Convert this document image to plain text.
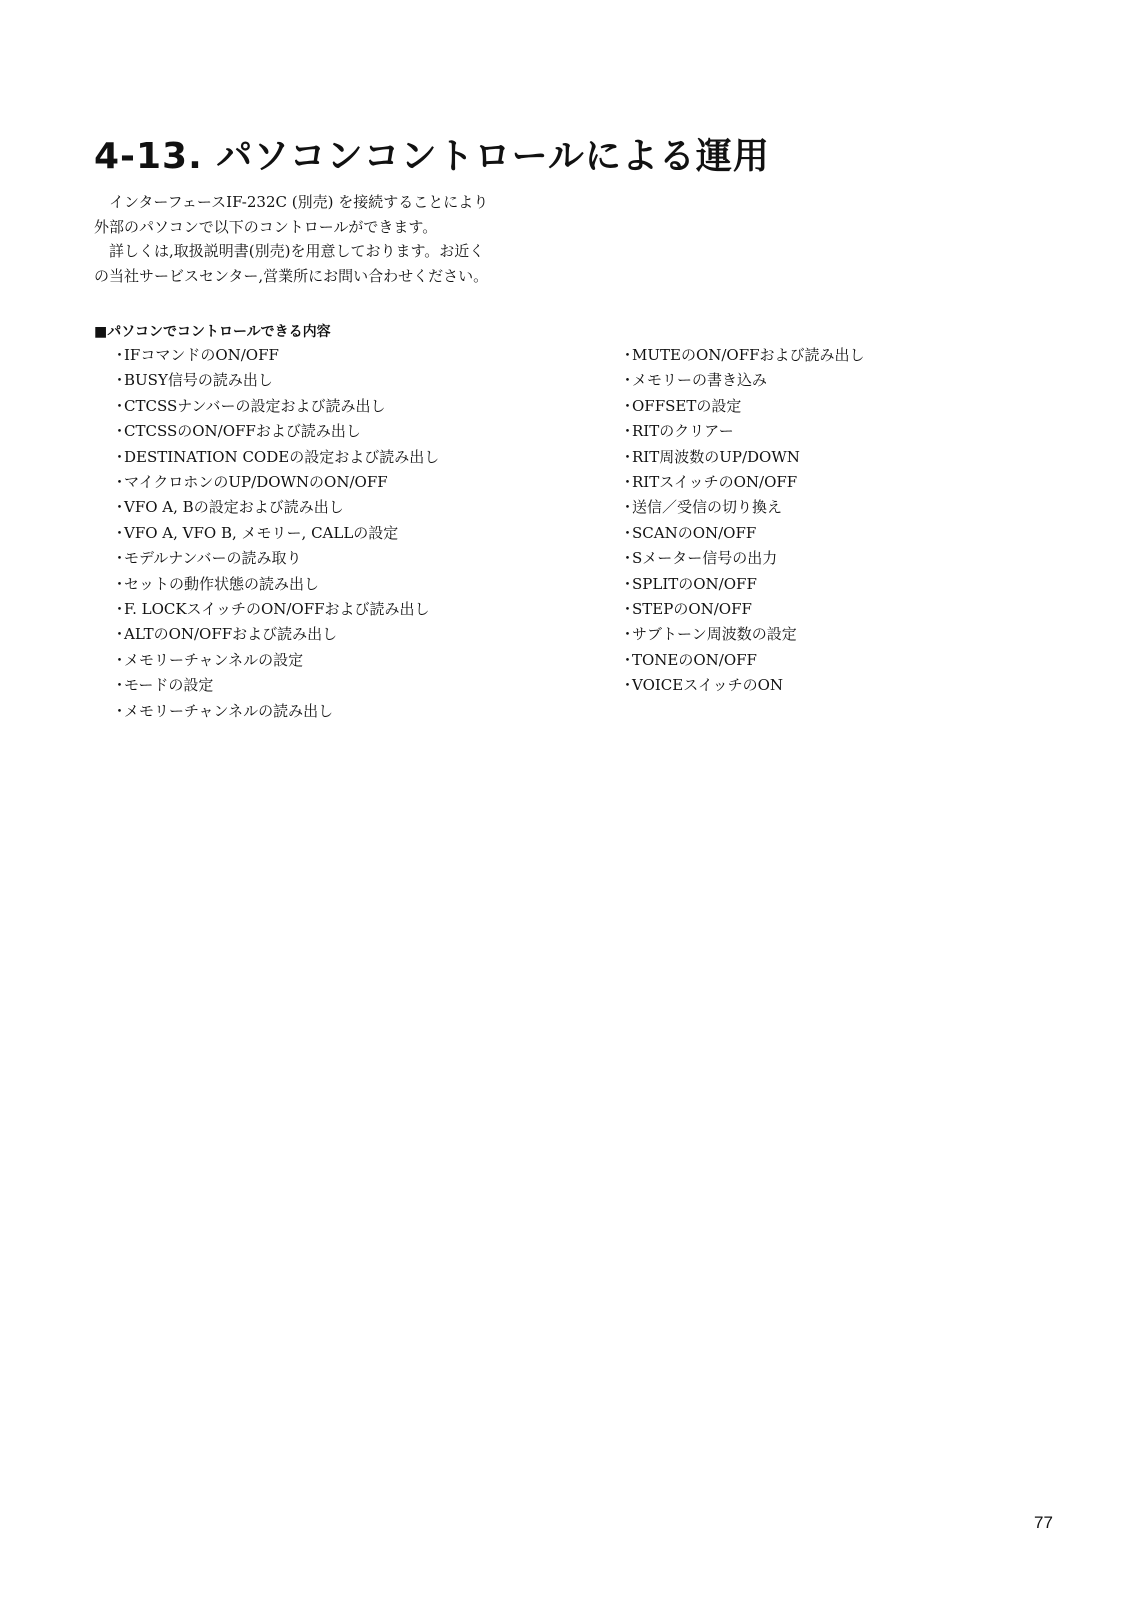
4-13. パソコンコントロールによる運用

　インターフェースIF-232C (別売) を接続することにより

外部のパソコンで以下のコントロールができます。

　詳しくは,取扱説明書(別売)を用意しております。お近く

の当社サービスセンター,営業所にお問い合わせください。

■パソコンでコントロールできる内容
・ IFコマンドのON/OFF
・ BUSY信号の読み出し
・ CTCSSナンバーの設定および読み出し
・ CTCSSのON/OFFおよび読み出し
・ DESTINATION CODEの設定および読み出し
・ マイクロホンのUP/DOWNのON/OFF
・ VFO A, Bの設定および読み出し
・ VFO A, VFO B, メモリー, CALLの設定
・ モデルナンバーの読み取り
・ セットの動作状態の読み出し
・ F. LOCKスイッチのON/OFFおよび読み出し
・ ALTのON/OFFおよび読み出し
・ メモリーチャンネルの設定
・ モードの設定
・ メモリーチャンネルの読み出し
・ MUTEのON/OFFおよび読み出し
・ メモリーの書き込み
・ OFFSETの設定
・ RITのクリアー
・ RIT周波数のUP/DOWN
・ RITスイッチのON/OFF
・ 送信／受信の切り換え
・ SCANのON/OFF
・ Sメーター信号の出力
・ SPLITのON/OFF
・ STEPのON/OFF
・ サブトーン周波数の設定
・ TONEのON/OFF
・ VOICEスイッチのON
77
